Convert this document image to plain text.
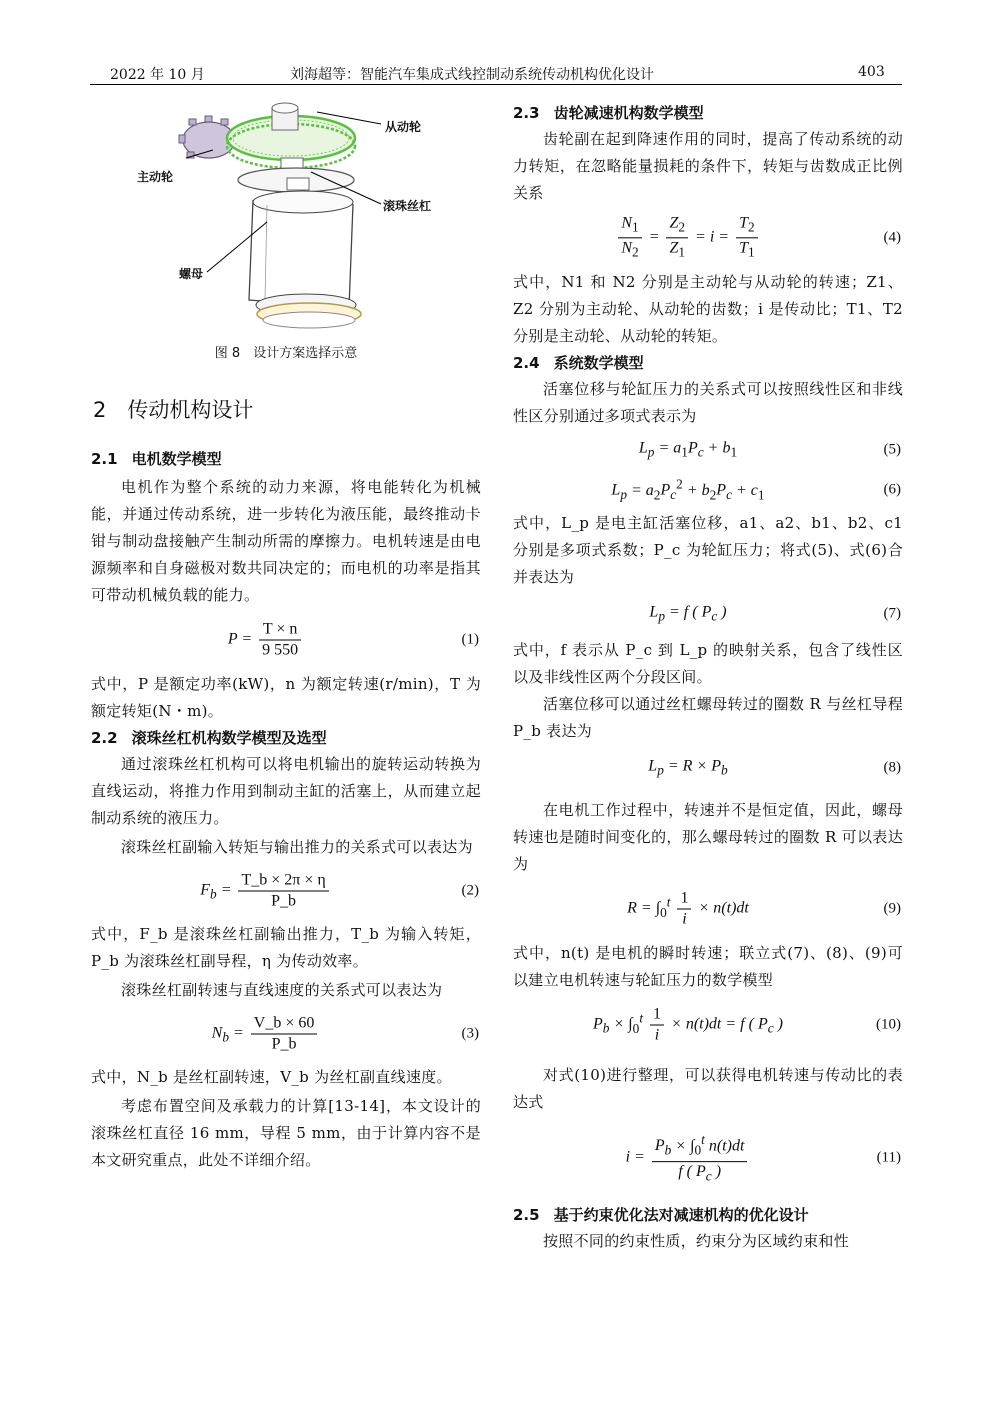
2022 年 10 月	刘海超等：智能汽车集成式线控制动系统传动机构优化设计	403
从动轮
主动轮
滚珠丝杠
螺母
图 8　设计方案选择示意
2　传动机构设计
2.1 电机数学模型

电机作为整个系统的动力来源，将电能转化为机械能，并通过传动系统，进一步转化为液压能，最终推动卡钳与制动盘接触产生制动所需的摩擦力。电机转速是由电源频率和自身磁极对数共同决定的；而电机的功率是指其可带动机械负载的能力。

$P = \frac{T \times n}{9 550}$	(1)

式中，P 是额定功率(kW)，n 为额定转速(r/min)，T 为额定转矩(N・m)。

2.2 滚珠丝杠机构数学模型及选型

通过滚珠丝杠机构可以将电机输出的旋转运动转换为直线运动，将推力作用到制动主缸的活塞上，从而建立起制动系统的液压力。

滚珠丝杠副输入转矩与输出推力的关系式可以表达为

$F_b = \frac{T\_b \times 2\pi \times \eta}{P\_b}$	(2)

式中，F_b 是滚珠丝杠副输出推力，T_b 为输入转矩，P_b 为滚珠丝杠副导程，η 为传动效率。

滚珠丝杠副转速与直线速度的关系式可以表达为

$N_b = \frac{V\_b \times 60}{P\_b}$	(3)

式中，N_b 是丝杠副转速，V_b 为丝杠副直线速度。

考虑布置空间及承载力的计算[13-14]，本文设计的滚珠丝杠直径 16 mm，导程 5 mm，由于计算内容不是本文研究重点，此处不详细介绍。

2.3 齿轮减速机构数学模型

齿轮副在起到降速作用的同时，提高了传动系统的动力转矩，在忽略能量损耗的条件下，转矩与齿数成正比例关系

$\frac{N_1}{N_2} = \frac{Z_2}{Z_1} = i = \frac{T_2}{T_1}$	(4)

式中，N1 和 N2 分别是主动轮与从动轮的转速；Z1、Z2 分别为主动轮、从动轮的齿数；i 是传动比；T1、T2 分别是主动轮、从动轮的转矩。

2.4 系统数学模型

活塞位移与轮缸压力的关系式可以按照线性区和非线性区分别通过多项式表示为

$L_p = a_1P_c + b_1$	(5)
$L_p = a_2P_c^2 + b_2P_c + c_1$	(6)

式中，L_p 是电主缸活塞位移，a1、a2、b1、b2、c1 分别是多项式系数；P_c 为轮缸压力；将式(5)、式(6)合并表达为

$L_p = f$ ( $P_c$ )	(7)

式中，f 表示从 P_c 到 L_p 的映射关系，包含了线性区以及非线性区两个分段区间。

活塞位移可以通过丝杠螺母转过的圈数 R 与丝杠导程 P_b 表达为

$L_p = R \times P_b$	(8)

在电机工作过程中，转速并不是恒定值，因此，螺母转速也是随时间变化的，那么螺母转过的圈数 R 可以表达为

$R = \int_0^t \frac{1}{i} \times n(t)dt$	(9)

式中，n(t) 是电机的瞬时转速；联立式(7)、(8)、(9)可以建立电机转速与轮缸压力的数学模型

$P_b \times \int_0^t \frac{1}{i} \times n(t)dt = f$ ( $P_c$ )	(10)

对式(10)进行整理，可以获得电机转速与传动比的表达式

$i = \frac{P_b \times \int_0^t n(t)dt}{f ( P_c )}$	(11)
2.5 基于约束优化法对减速机构的优化设计

按照不同的约束性质，约束分为区域约束和性
